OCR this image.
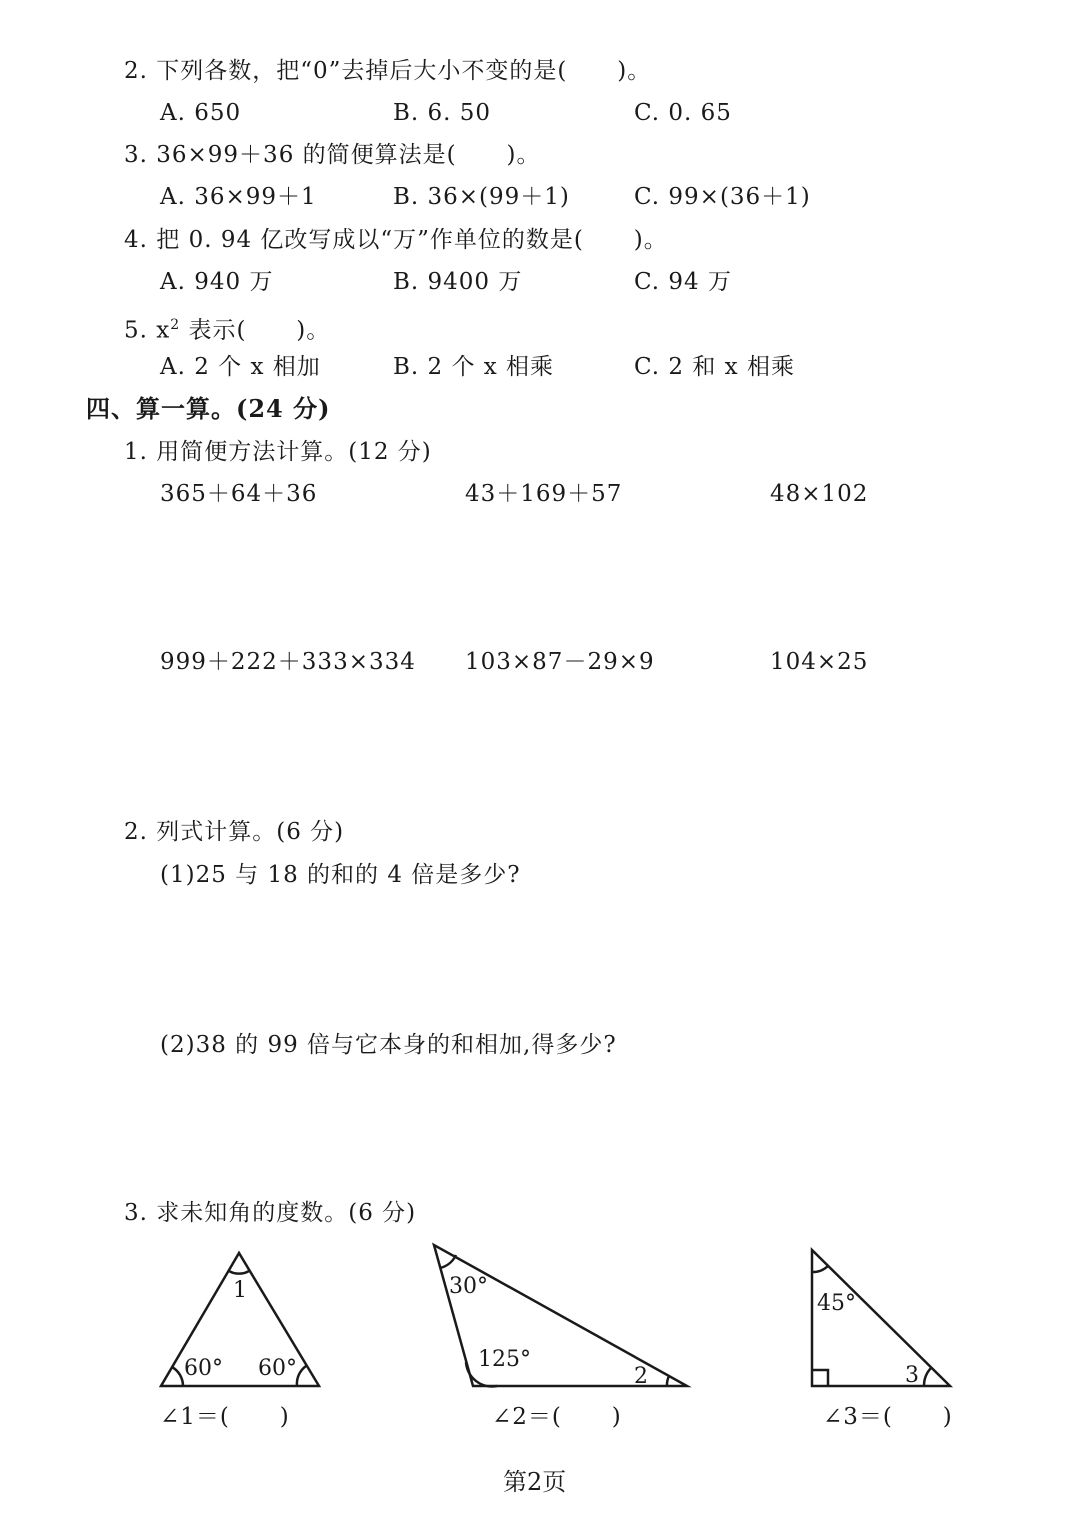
2. 下列各数，把“0”去掉后大小不变的是(      )。
A. 650	B. 6. 50	C. 0. 65
3. 36×99＋36 的简便算法是(      )。
A. 36×99＋1	B. 36×(99＋1)	C. 99×(36＋1)
4. 把 0. 94 亿改写成以“万”作单位的数是(      )。
A. 940 万	B. 9400 万	C. 94 万
5. $x^2$ 表示(      )。
A. 2 个 x 相加	B. 2 个 x 相乘	C. 2 和 x 相乘
四、算一算。(24 分)
1. 用简便方法计算。(12 分)
365＋64＋36	43＋169＋57	48×102
999＋222＋333×334 103×87－29×9	104×25
2. 列式计算。(6 分)
(1)25 与 18 的和的 4 倍是多少?
(2)38 的 99 倍与它本身的和相加,得多少?
3. 求未知角的度数。(6 分)
1
60° 60°
30°
125°
2
45°
3
∠1＝(      )	∠2＝(      )	∠3＝(      )
第2页
